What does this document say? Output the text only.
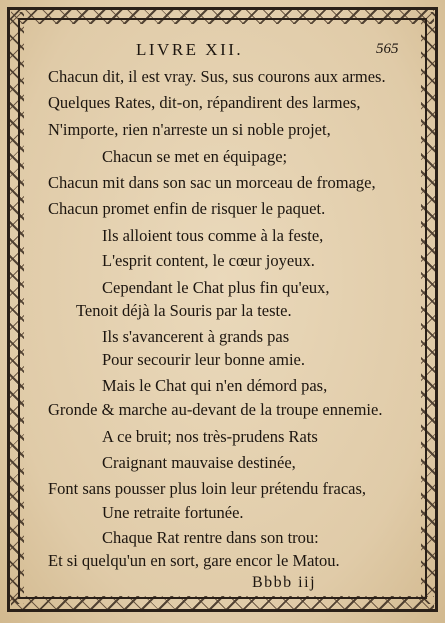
LIVRE XII.	565
Chacun dit, il est vray. Sus, sus courons aux armes.
Quelques Rates, dit-on, répandirent des larmes,
N'importe, rien n'arreste un si noble projet,
Chacun se met en équipage;
Chacun mit dans son sac un morceau de fromage,
Chacun promet enfin de risquer le paquet.
Ils alloient tous comme à la feste,
L'esprit content, le cœur joyeux.
Cependant le Chat plus fin qu'eux,
Tenoit déjà la Souris par la teste.
Ils s'avancerent à grands pas
Pour secourir leur bonne amie.
Mais le Chat qui n'en démord pas,
Gronde & marche au-devant de la troupe ennemie.
A ce bruit; nos très-prudens Rats
Craignant mauvaise destinée,
Font sans pousser plus loin leur prétendu fracas,
Une retraite fortunée.
Chaque Rat rentre dans son trou:
Et si quelqu'un en sort, gare encor le Matou.
Bbbb iij
